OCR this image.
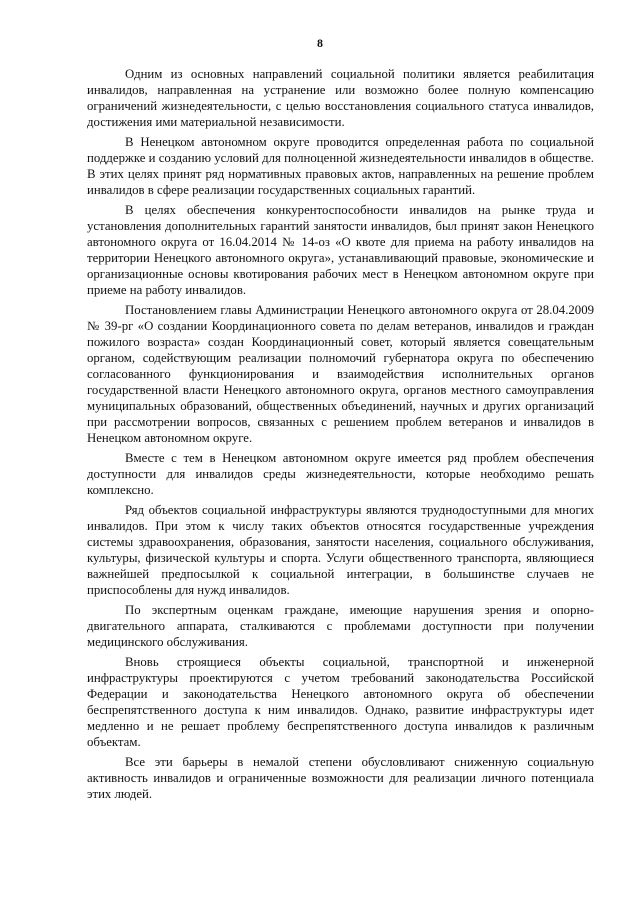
8

Одним из основных направлений социальной политики является реабилитация инвалидов, направленная на устранение или возможно более полную компенсацию ограничений жизнедеятельности, с целью восстановления социального статуса инвалидов, достижения ими материальной независимости.

В Ненецком автономном округе проводится определенная работа по социальной поддержке и созданию условий для полноценной жизнедеятельности инвалидов в обществе. В этих целях принят ряд нормативных правовых актов, направленных на решение проблем инвалидов в сфере реализации государственных социальных гарантий.

В целях обеспечения конкурентоспособности инвалидов на рынке труда и установления дополнительных гарантий занятости инвалидов, был принят закон Ненецкого автономного округа от 16.04.2014 № 14-оз «О квоте для приема на работу инвалидов на территории Ненецкого автономного округа», устанавливающий правовые, экономические и организационные основы квотирования рабочих мест в Ненецком автономном округе при приеме на работу инвалидов.

Постановлением главы Администрации Ненецкого автономного округа от 28.04.2009 № 39-рг «О создании Координационного совета по делам ветеранов, инвалидов и граждан пожилого возраста» создан Координационный совет, который является совещательным органом, содействующим реализации полномочий губернатора округа по обеспечению согласованного функционирования и взаимодействия исполнительных органов государственной власти Ненецкого автономного округа, органов местного самоуправления муниципальных образований, общественных объединений, научных и других организаций при рассмотрении вопросов, связанных с решением проблем ветеранов и инвалидов в Ненецком автономном округе.

Вместе с тем в Ненецком автономном округе имеется ряд проблем обеспечения доступности для инвалидов среды жизнедеятельности, которые необходимо решать комплексно.

Ряд объектов социальной инфраструктуры являются труднодоступными для многих инвалидов. При этом к числу таких объектов относятся государственные учреждения системы здравоохранения, образования, занятости населения, социального обслуживания, культуры, физической культуры и спорта. Услуги общественного транспорта, являющиеся важнейшей предпосылкой к социальной интеграции, в большинстве случаев не приспособлены для нужд инвалидов.

По экспертным оценкам граждане, имеющие нарушения зрения и опорно-двигательного аппарата, сталкиваются с проблемами доступности при получении медицинского обслуживания.

Вновь строящиеся объекты социальной, транспортной и инженерной инфраструктуры проектируются с учетом требований законодательства Российской Федерации и законодательства Ненецкого автономного округа об обеспечении беспрепятственного доступа к ним инвалидов. Однако, развитие инфраструктуры идет медленно и не решает проблему беспрепятственного доступа инвалидов к различным объектам.

Все эти барьеры в немалой степени обусловливают сниженную социальную активность инвалидов и ограниченные возможности для реализации личного потенциала этих людей.
